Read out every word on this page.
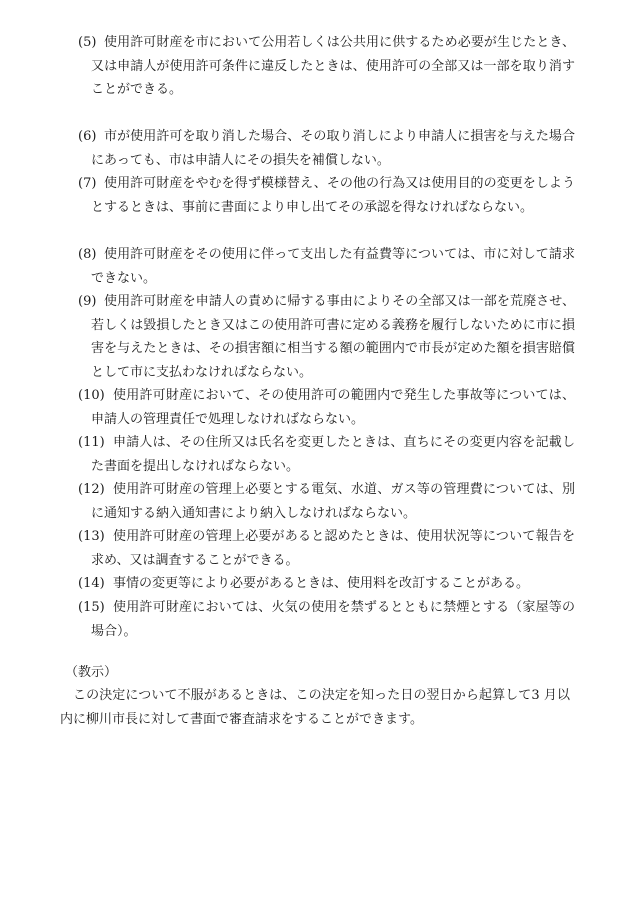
(5) 使用許可財産を市において公用若しくは公共用に供するため必要が生じたとき、又は申請人が使用許可条件に違反したときは、使用許可の全部又は一部を取り消すことができる。
(6) 市が使用許可を取り消した場合、その取り消しにより申請人に損害を与えた場合にあっても、市は申請人にその損失を補償しない。
(7) 使用許可財産をやむを得ず模様替え、その他の行為又は使用目的の変更をしようとするときは、事前に書面により申し出てその承認を得なければならない。
(8) 使用許可財産をその使用に伴って支出した有益費等については、市に対して請求できない。
(9) 使用許可財産を申請人の責めに帰する事由によりその全部又は一部を荒廃させ、若しくは毀損したとき又はこの使用許可書に定める義務を履行しないために市に損害を与えたときは、その損害額に相当する額の範囲内で市長が定めた額を損害賠償として市に支払わなければならない。
(10) 使用許可財産において、その使用許可の範囲内で発生した事故等については、申請人の管理責任で処理しなければならない。
(11) 申請人は、その住所又は氏名を変更したときは、直ちにその変更内容を記載した書面を提出しなければならない。
(12) 使用許可財産の管理上必要とする電気、水道、ガス等の管理費については、別に通知する納入通知書により納入しなければならない。
(13) 使用許可財産の管理上必要があると認めたときは、使用状況等について報告を求め、又は調査することができる。
(14) 事情の変更等により必要があるときは、使用料を改訂することがある。
(15) 使用許可財産においては、火気の使用を禁ずるとともに禁煙とする（家屋等の場合）。
（教示）
この決定について不服があるときは、この決定を知った日の翌日から起算して3 月以内に柳川市長に対して書面で審査請求をすることができます。
